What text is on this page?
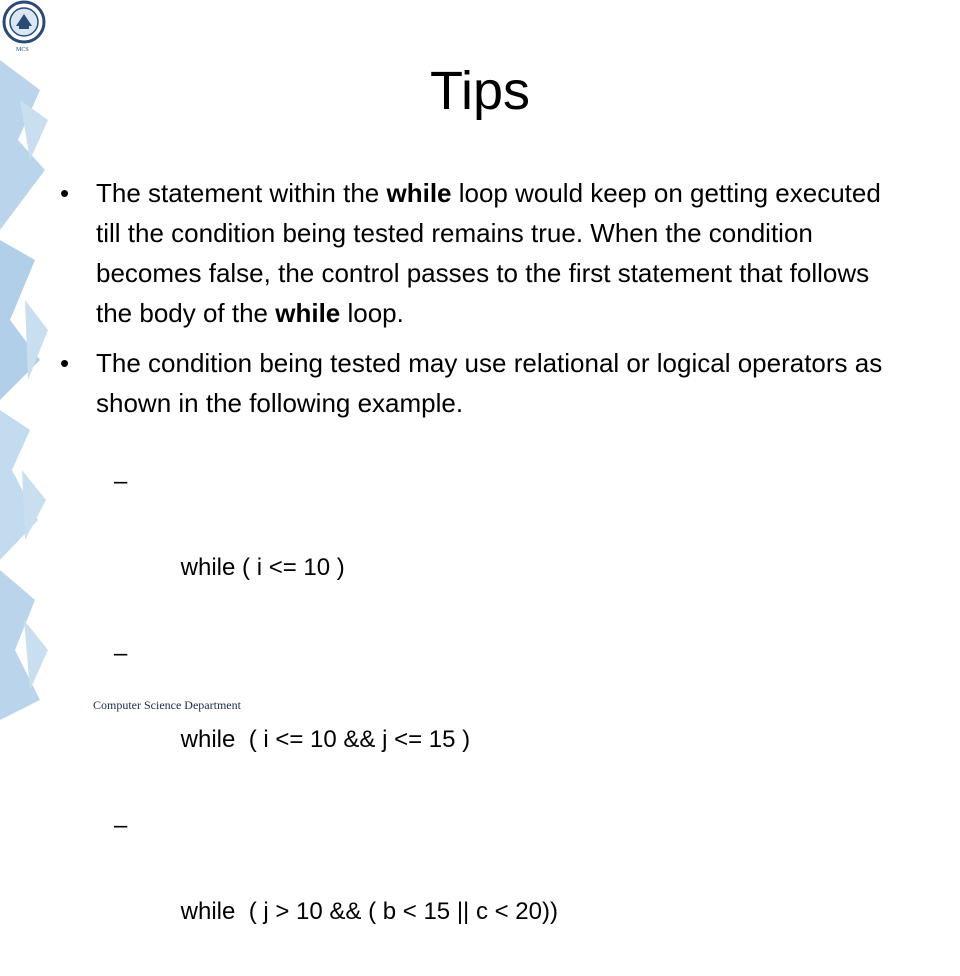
MCS
Tips
•	The statement within the while loop would keep on getting executed till the condition being tested remains true. When the condition becomes false, the control passes to the first statement that follows the body of the while loop.
•	The condition being tested may use relational or logical operators as shown in the following example.

–

while ( i <= 10 )

–

while  ( i <= 10 && j <= 15 )

–

while  ( j > 10 && ( b < 15 || c < 20))

Computer Science Department
